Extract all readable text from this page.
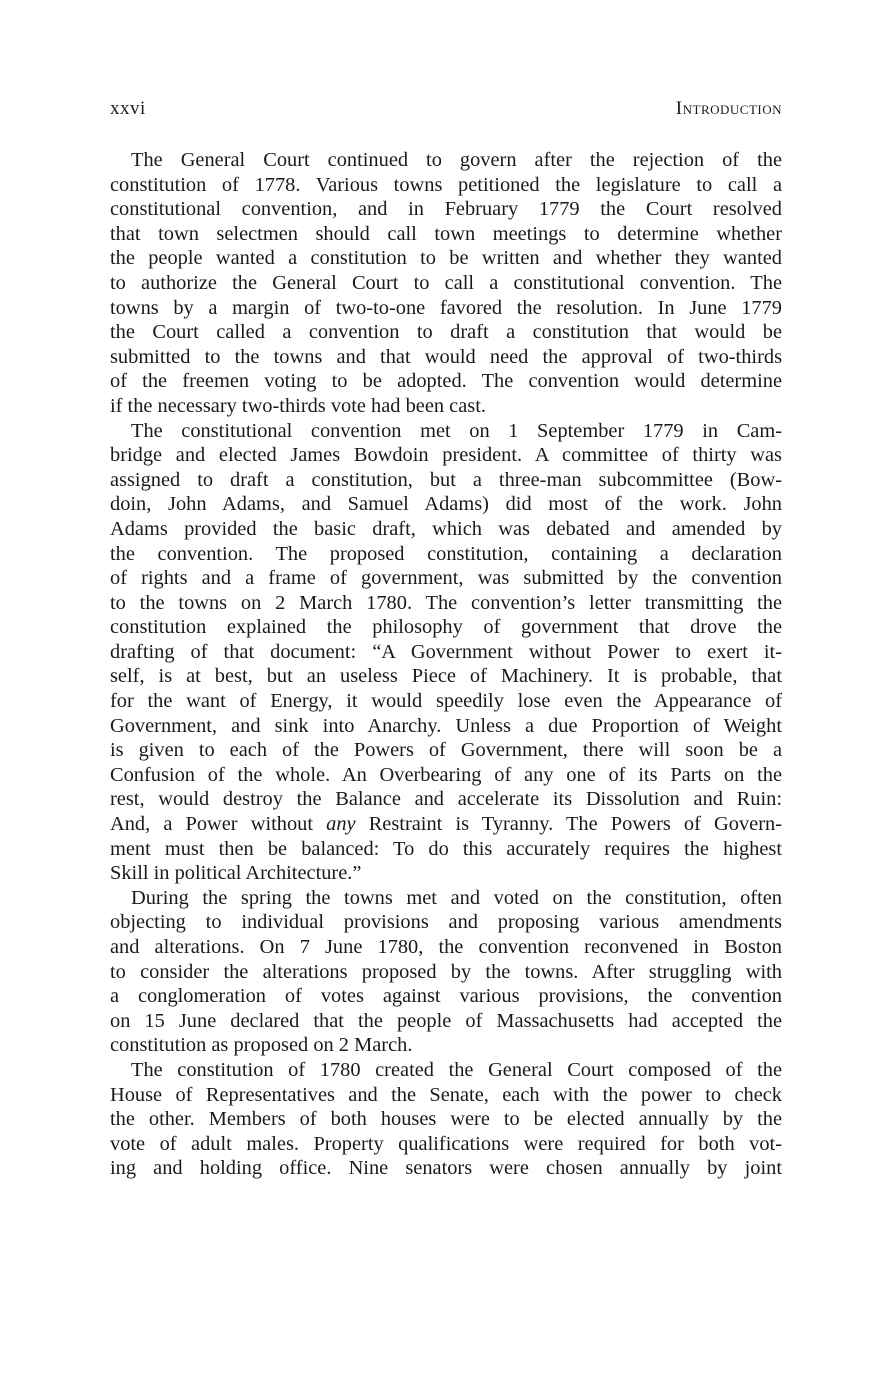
xxvi	Introduction
The General Court continued to govern after the rejection of the
constitution of 1778. Various towns petitioned the legislature to call a
constitutional convention, and in February 1779 the Court resolved
that town selectmen should call town meetings to determine whether
the people wanted a constitution to be written and whether they wanted
to authorize the General Court to call a constitutional convention. The
towns by a margin of two-to-one favored the resolution. In June 1779
the Court called a convention to draft a constitution that would be
submitted to the towns and that would need the approval of two-thirds
of the freemen voting to be adopted. The convention would determine
if the necessary two-thirds vote had been cast.
The constitutional convention met on 1 September 1779 in Cam-
bridge and elected James Bowdoin president. A committee of thirty was
assigned to draft a constitution, but a three-man subcommittee (Bow-
doin, John Adams, and Samuel Adams) did most of the work. John
Adams provided the basic draft, which was debated and amended by
the convention. The proposed constitution, containing a declaration
of rights and a frame of government, was submitted by the convention
to the towns on 2 March 1780. The convention’s letter transmitting the
constitution explained the philosophy of government that drove the
drafting of that document: “A Government without Power to exert it-
self, is at best, but an useless Piece of Machinery. It is probable, that
for the want of Energy, it would speedily lose even the Appearance of
Government, and sink into Anarchy. Unless a due Proportion of Weight
is given to each of the Powers of Government, there will soon be a
Confusion of the whole. An Overbearing of any one of its Parts on the
rest, would destroy the Balance and accelerate its Dissolution and Ruin:
And, a Power without any Restraint is Tyranny. The Powers of Govern-
ment must then be balanced: To do this accurately requires the highest
Skill in political Architecture.”
During the spring the towns met and voted on the constitution, often
objecting to individual provisions and proposing various amendments
and alterations. On 7 June 1780, the convention reconvened in Boston
to consider the alterations proposed by the towns. After struggling with
a conglomeration of votes against various provisions, the convention
on 15 June declared that the people of Massachusetts had accepted the
constitution as proposed on 2 March.
The constitution of 1780 created the General Court composed of the
House of Representatives and the Senate, each with the power to check
the other. Members of both houses were to be elected annually by the
vote of adult males. Property qualifications were required for both vot-
ing and holding office. Nine senators were chosen annually by joint
